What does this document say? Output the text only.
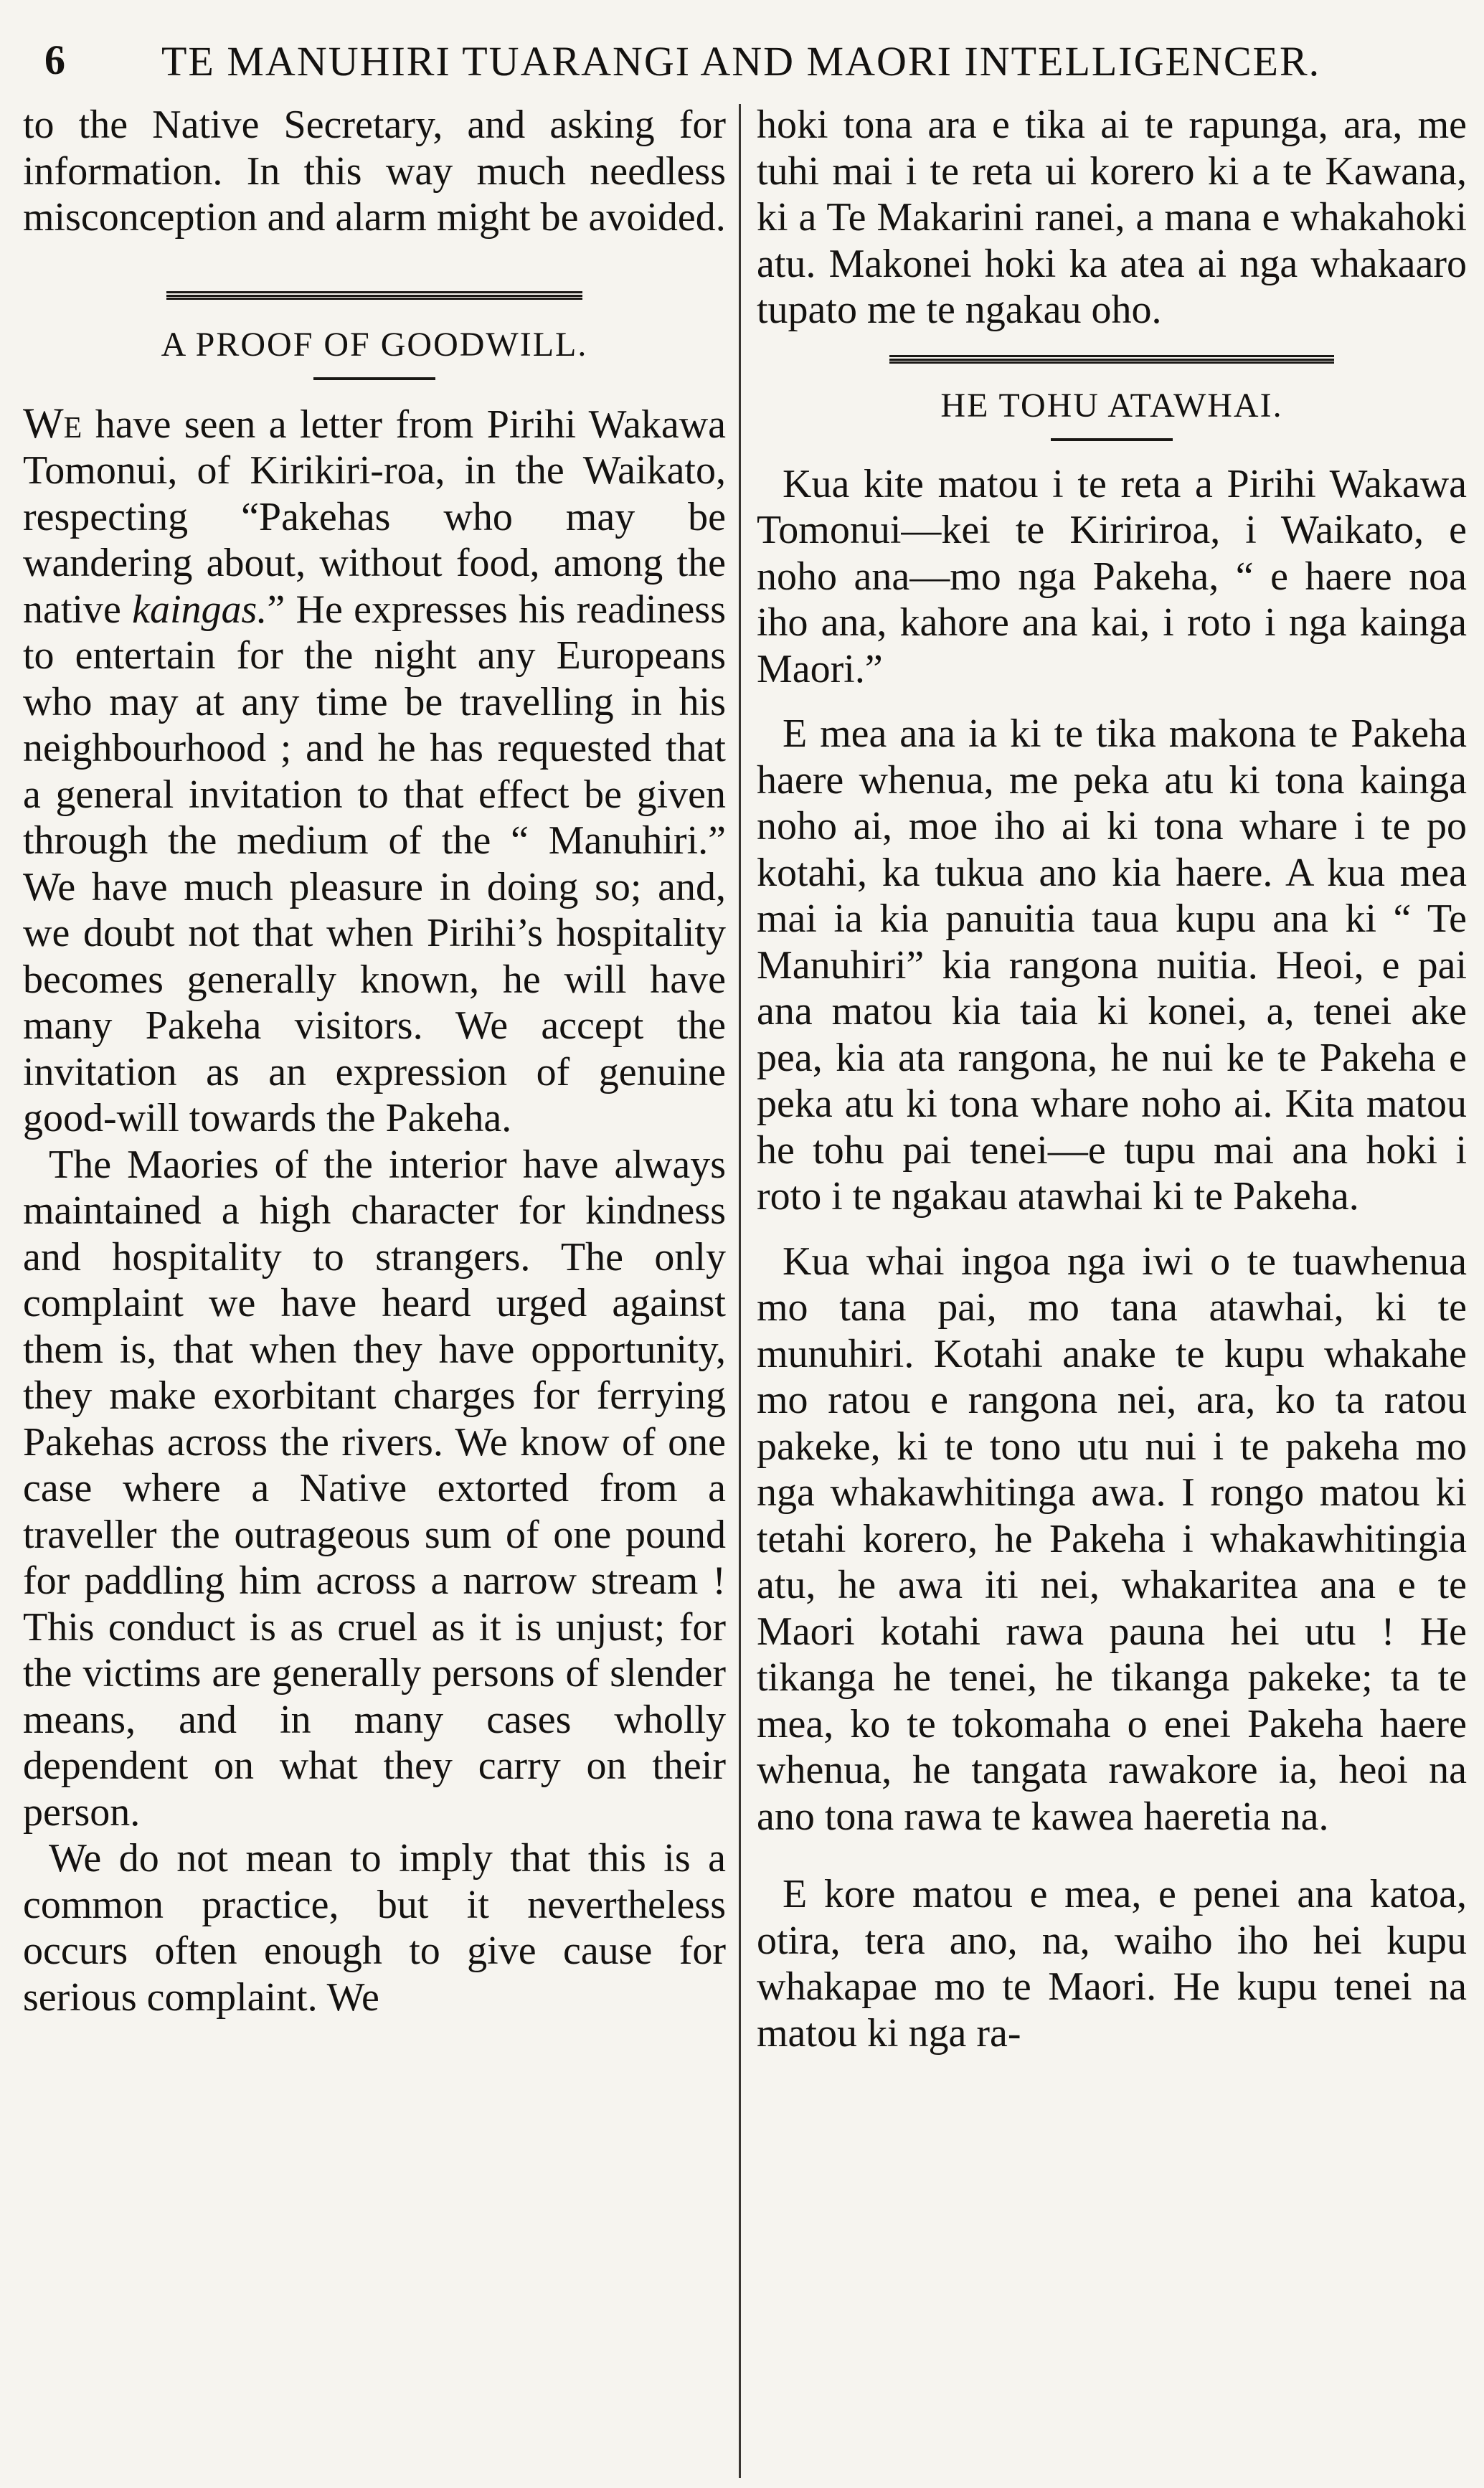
6 TE MANUHIRI TUARANGI AND MAORI INTELLIGENCER.

to the Native Secretary, and asking for information. In this way much needless misconception and alarm might be avoided.

A PROOF OF GOODWILL.

We have seen a letter from Pirihi Wakawa Tomonui, of Kirikiri-roa, in the Waikato, respecting “Pakehas who may be wandering about, without food, among the native kaingas.” He expresses his readiness to entertain for the night any Europeans who may at any time be travelling in his neighbourhood ; and he has requested that a general invitation to that effect be given through the medium of the “ Manuhiri.” We have much pleasure in doing so; and, we doubt not that when Pirihi’s hospitality becomes generally known, he will have many Pakeha visitors. We accept the invitation as an expression of genuine good-will towards the Pakeha.

The Maories of the interior have always maintained a high character for kindness and hospitality to strangers. The only complaint we have heard urged against them is, that when they have opportunity, they make exorbitant charges for ferrying Pakehas across the rivers. We know of one case where a Native extorted from a traveller the outrageous sum of one pound for paddling him across a narrow stream ! This conduct is as cruel as it is unjust; for the victims are generally persons of slender means, and in many cases wholly dependent on what they carry on their person.

We do not mean to imply that this is a common practice, but it nevertheless occurs often enough to give cause for serious complaint. We

hoki tona ara e tika ai te rapunga, ara, me tuhi mai i te reta ui korero ki a te Kawana, ki a Te Makarini ranei, a mana e whakahoki atu. Makonei hoki ka atea ai nga whakaaro tupato me te ngakau oho.

HE TOHU ATAWHAI.

Kua kite matou i te reta a Pirihi Wakawa Tomonui—kei te Kiririroa, i Waikato, e noho ana—mo nga Pakeha, “ e haere noa iho ana, kahore ana kai, i roto i nga kainga Maori.”

E mea ana ia ki te tika makona te Pakeha haere whenua, me peka atu ki tona kainga noho ai, moe iho ai ki tona whare i te po kotahi, ka tukua ano kia haere. A kua mea mai ia kia panuitia taua kupu ana ki “ Te Manuhiri” kia rangona nuitia. Heoi, e pai ana matou kia taia ki konei, a, tenei ake pea, kia ata rangona, he nui ke te Pakeha e peka atu ki tona whare noho ai. Kita matou he tohu pai tenei—e tupu mai ana hoki i roto i te ngakau atawhai ki te Pakeha.

Kua whai ingoa nga iwi o te tuawhenua mo tana pai, mo tana atawhai, ki te munuhiri. Kotahi anake te kupu whakahe mo ratou e rangona nei, ara, ko ta ratou pakeke, ki te tono utu nui i te pakeha mo nga whakawhitinga awa. I rongo matou ki tetahi korero, he Pakeha i whakawhitingia atu, he awa iti nei, whakaritea ana e te Maori kotahi rawa pauna hei utu ! He tikanga he tenei, he tikanga pakeke; ta te mea, ko te tokomaha o enei Pakeha haere whenua, he tangata rawakore ia, heoi na ano tona rawa te kawea haeretia na.

E kore matou e mea, e penei ana katoa, otira, tera ano, na, waiho iho hei kupu whakapae mo te Maori. He kupu tenei na matou ki nga ra-
